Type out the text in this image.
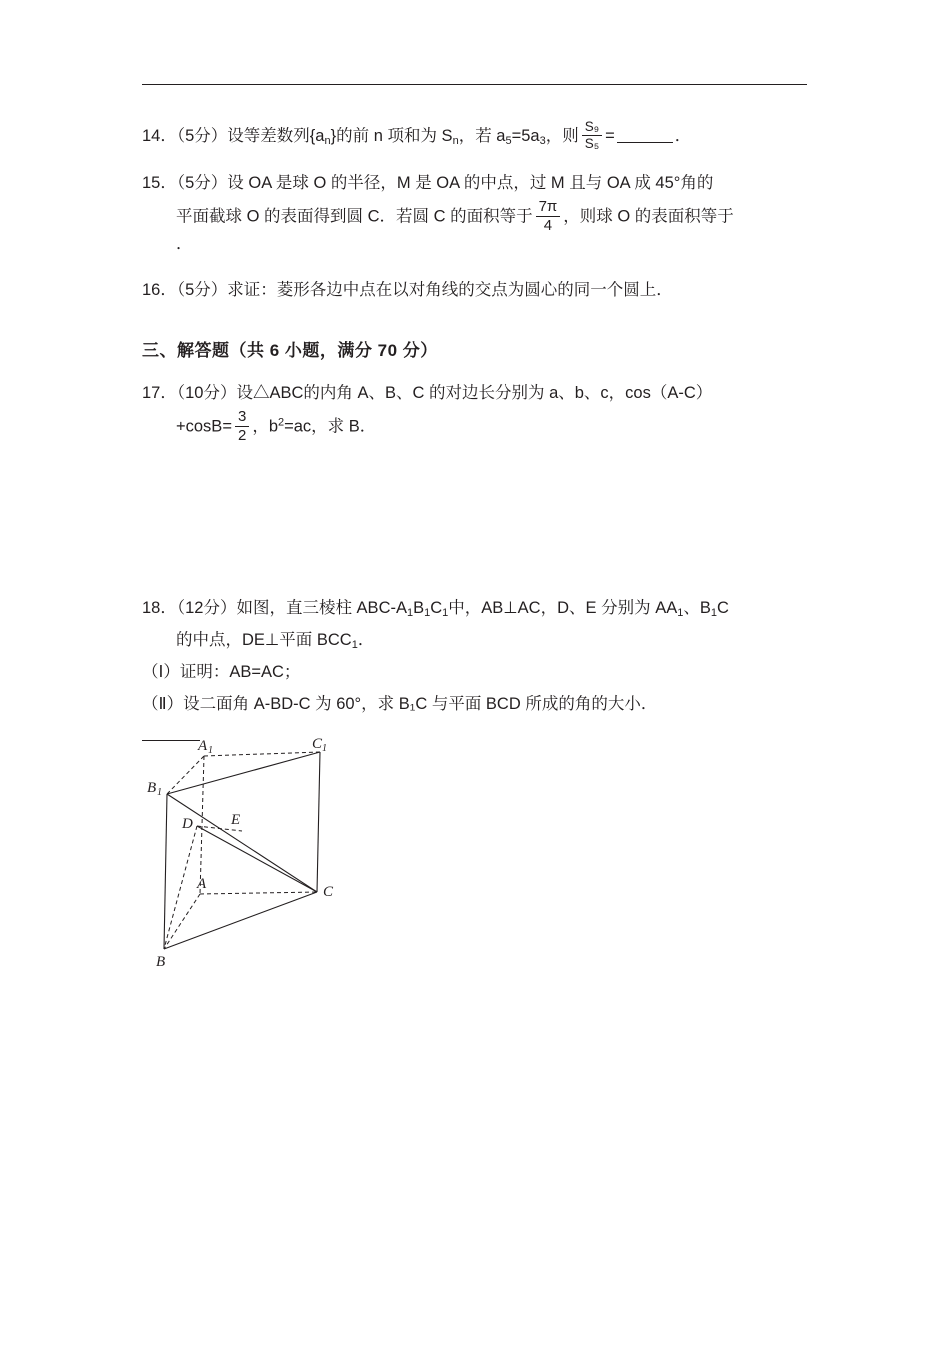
14．（5分）设等差数列$\{a_n\}$的前 n 项和为 $S_n$，若 $a_5=5a_3$，则 $\frac{\text{S₉}}{\text{S₅}}$ =	．
15．（5分）设 OA 是球 O 的半径，M 是 OA 的中点，过 M 且与 OA 成 45°角的
平面截球 O 的表面得到圆 C．若圆 C 的面积等于 $\frac{7\pi}{4}$ ，则球 O 的表面积等于
．
16．（5分）求证：菱形各边中点在以对角线的交点为圆心的同一个圆上．
三、解答题（共 6 小题，满分 70 分）
17．（10分）设△ABC的内角 A、B、C 的对边长分别为 a、b、c，cos（A‐C）
$+\cos B= \frac{3}{2}$ ，$b^2=ac$，求 B．
18．（12分）如图，直三棱柱 $ABC‐A_1B_1C_1$中，AB⊥AC，D、E 分别为 $AA_1$、$B_1C$
的中点，DE⊥平面 $BCC_1$．
（Ⅰ）证明：AB=AC；
（Ⅱ）设二面角 A‐BD‐C 为 60°，求 B₁C 与平面 BCD 所成的角的大小．
A 1	C 1
B 1
D	E
A	C
B
